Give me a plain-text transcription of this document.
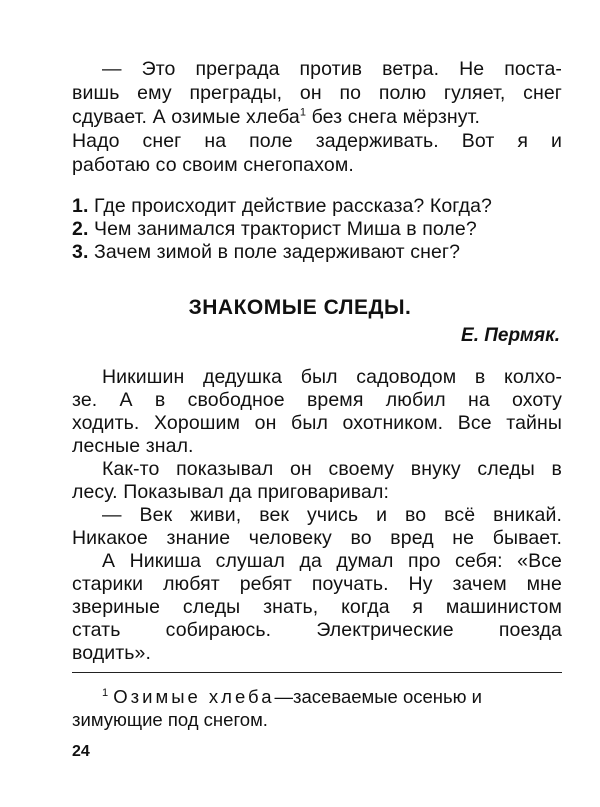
— Это преграда против ветра. Не поста-
вишь ему преграды, он по полю гуляет, снег
сдувает. А озимые хлеба$^1$ без снега мёрзнут.
Надо снег на поле задерживать. Вот я и
работаю со своим снегопахом.
1. Где происходит действие рассказа? Когда?
2. Чем занимался тракторист Миша в поле?
3. Зачем зимой в поле задерживают снег?
ЗНАКОМЫЕ СЛЕДЫ.
Е. Пермяк.
Никишин дедушка был садоводом в колхо-
зе. А в свободное время любил на охоту
ходить. Хорошим он был охотником. Все тайны
лесные знал.
Как-то показывал он своему внуку следы в
лесу. Показывал да приговаривал:
— Век живи, век учись и во всё вникай.
Никакое знание человеку во вред не бывает.
А Никиша слушал да думал про себя: «Все
старики любят ребят поучать. Ну зачем мне
звериные следы знать, когда я машинистом
стать собираюсь. Электрические поезда
водить».
$^1$ Озимые хлеба—засеваемые осенью и
зимующие под снегом.
24
